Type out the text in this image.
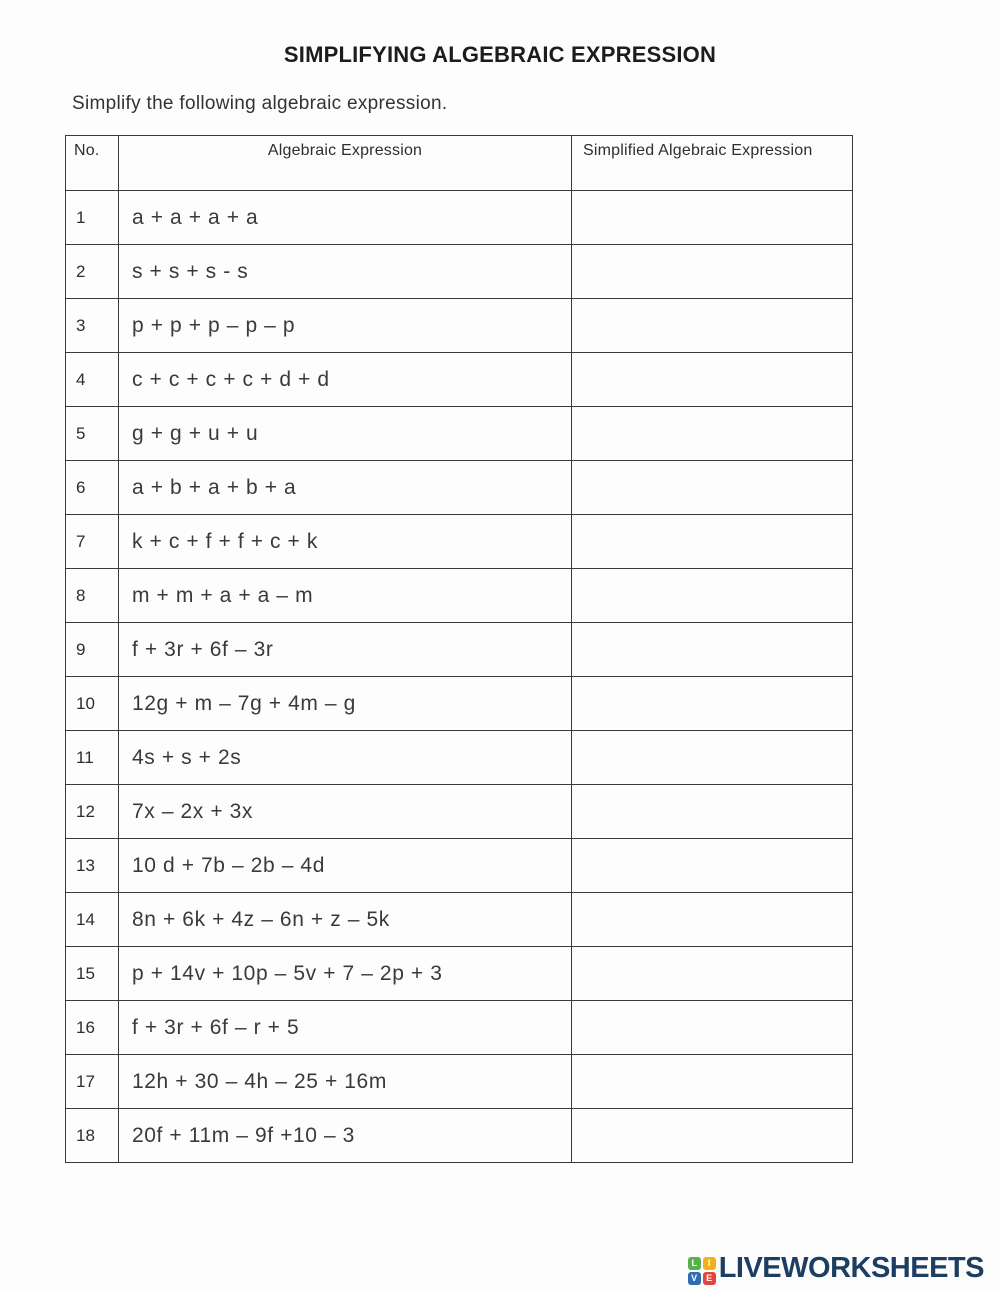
SIMPLIFYING ALGEBRAIC EXPRESSION
Simplify the following algebraic expression.
No.	Algebraic Expression	Simplified Algebraic Expression
1	a + a + a + a	
2	s + s + s - s	
3	p + p + p – p – p	
4	c + c + c + c + d + d	
5	g + g + u + u	
6	a + b + a + b + a	
7	k + c + f + f + c + k	
8	m + m + a + a – m	
9	f + 3r + 6f – 3r	
10	12g + m – 7g + 4m – g	
11	4s + s + 2s	
12	7x – 2x + 3x	
13	10 d + 7b – 2b – 4d	
14	8n + 6k + 4z – 6n + z – 5k	
15	p + 14v + 10p – 5v + 7 – 2p + 3	
16	f + 3r + 6f – r + 5	
17	12h + 30 – 4h – 25 + 16m	
18	20f + 11m – 9f +10 – 3	
L	I
V E LIVEWORKSHEETS
